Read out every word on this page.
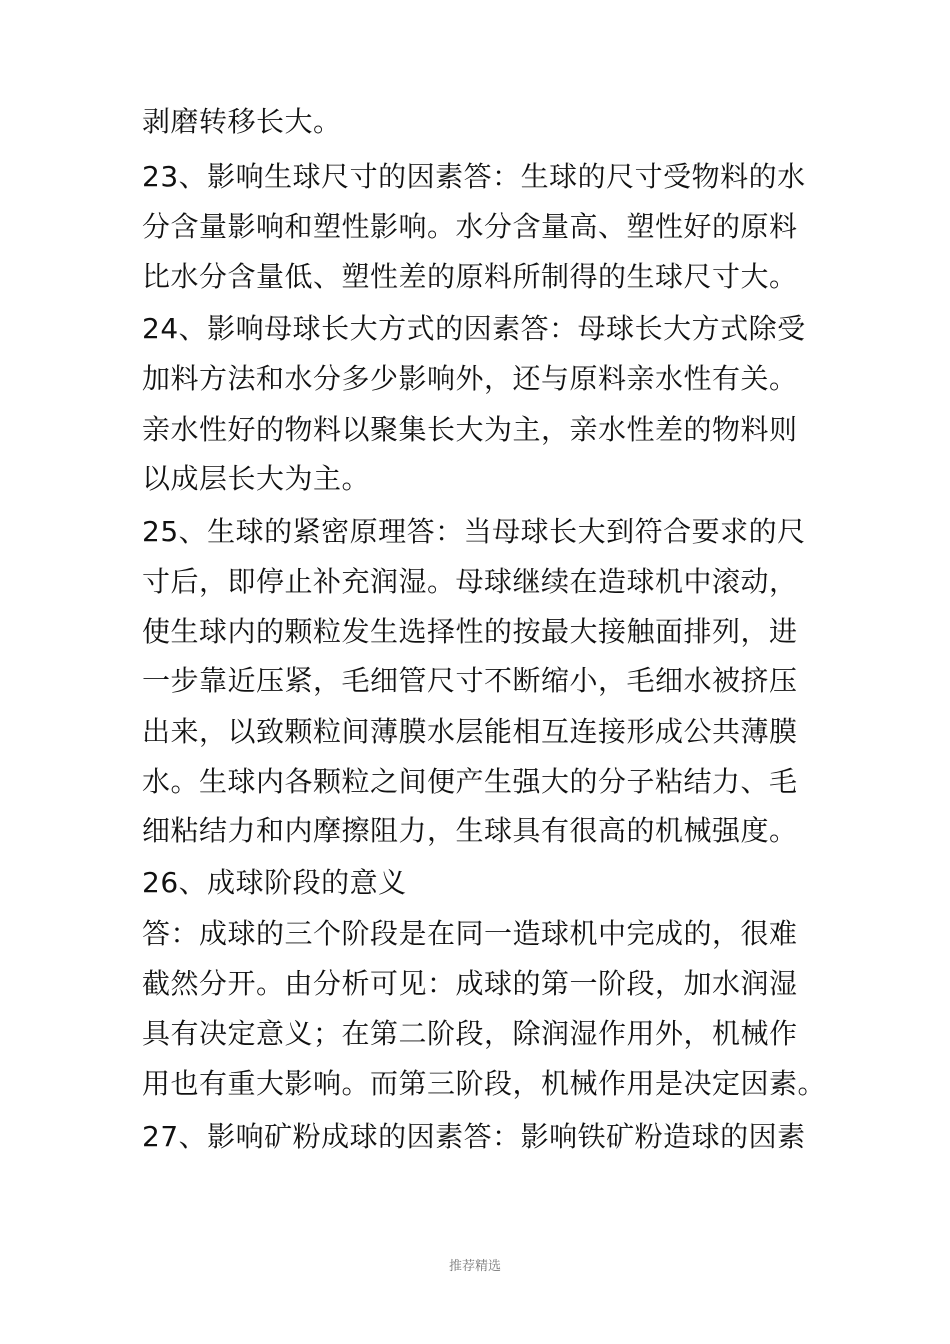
剥磨转移长大。
23、影响生球尺寸的因素答：生球的尺寸受物料的水
分含量影响和塑性影响。水分含量高、塑性好的原料
比水分含量低、塑性差的原料所制得的生球尺寸大。
24、影响母球长大方式的因素答：母球长大方式除受
加料方法和水分多少影响外，还与原料亲水性有关。
亲水性好的物料以聚集长大为主，亲水性差的物料则
以成层长大为主。
25、生球的紧密原理答：当母球长大到符合要求的尺
寸后，即停止补充润湿。母球继续在造球机中滚动，
使生球内的颗粒发生选择性的按最大接触面排列，进
一步靠近压紧，毛细管尺寸不断缩小，毛细水被挤压
出来，以致颗粒间薄膜水层能相互连接形成公共薄膜
水。生球内各颗粒之间便产生强大的分子粘结力、毛
细粘结力和内摩擦阻力，生球具有很高的机械强度。
26、成球阶段的意义
答：成球的三个阶段是在同一造球机中完成的，很难
截然分开。由分析可见：成球的第一阶段，加水润湿
具有决定意义；在第二阶段，除润湿作用外，机械作
用也有重大影响。而第三阶段，机械作用是决定因素。
27、影响矿粉成球的因素答：影响铁矿粉造球的因素
推荐精选
